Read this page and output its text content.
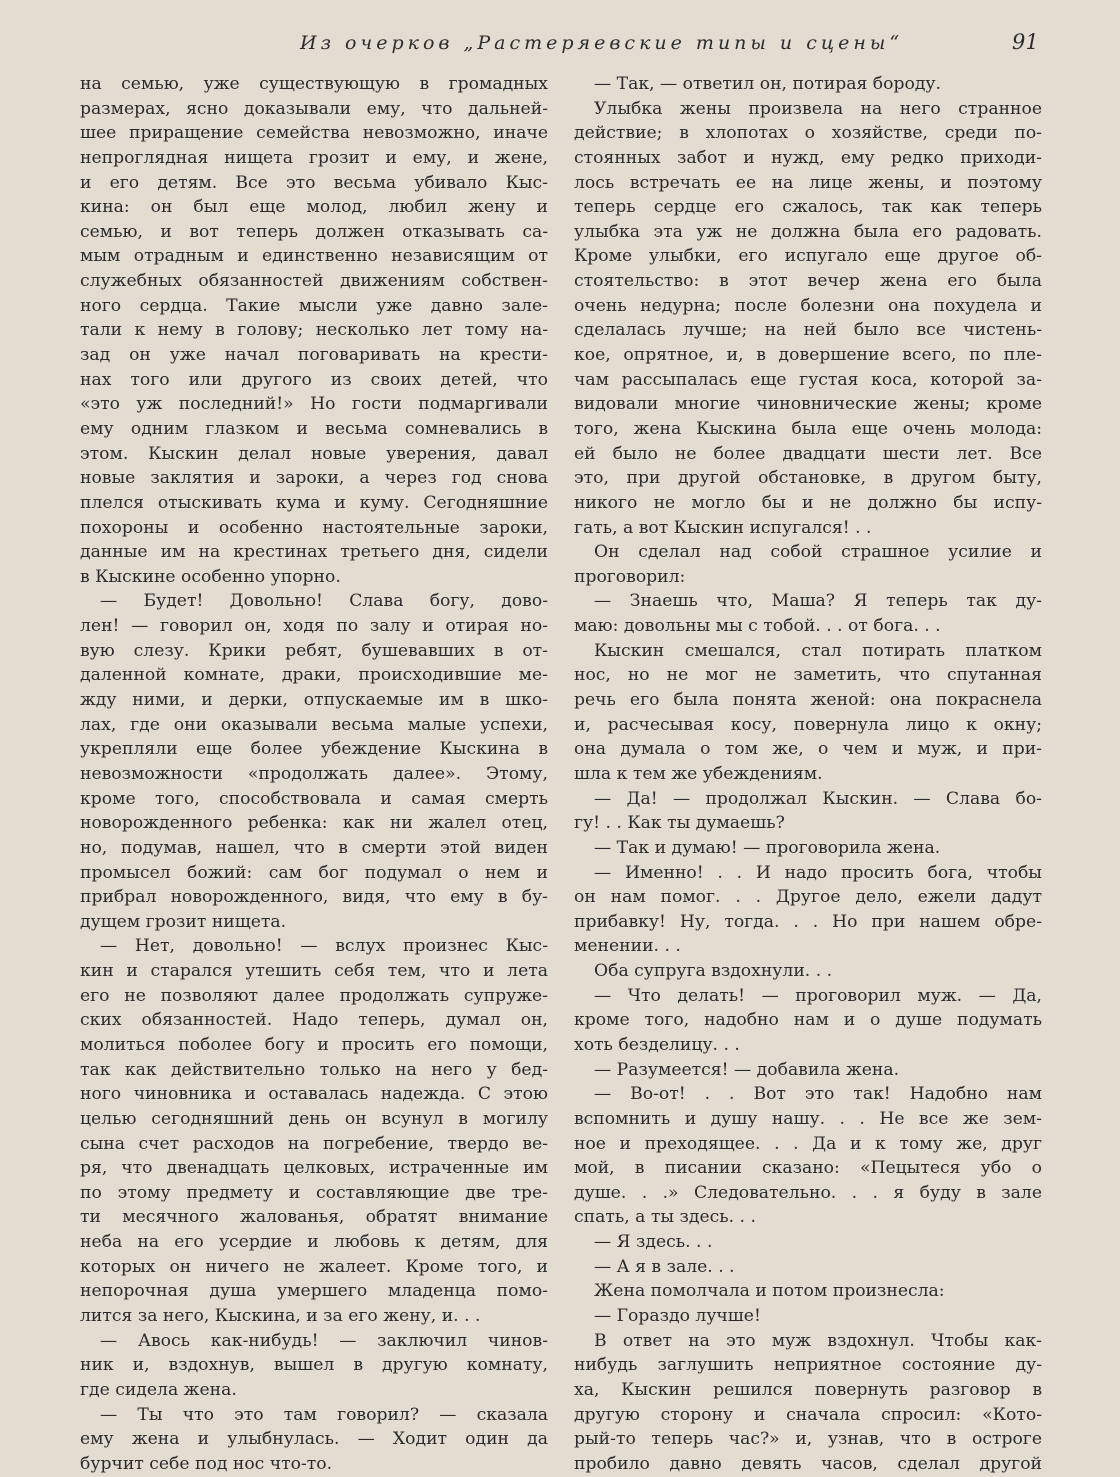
Из очерков „Растеряевские типы и сцены“	91
на семью, уже существующую в громадных
размерах, ясно доказывали ему, что дальней-
шее приращение семейства невозможно, иначе
непроглядная нищета грозит и ему, и жене,
и его детям. Все это весьма убивало Кыс-
кина: он был еще молод, любил жену и
семью, и вот теперь должен отказывать са-
мым отрадным и единственно независящим от
служебных обязанностей движениям собствен-
ного сердца. Такие мысли уже давно зале-
тали к нему в голову; несколько лет тому на-
зад он уже начал поговаривать на крести-
нах того или другого из своих детей, что
«это уж последний!» Но гости подмаргивали
ему одним глазком и весьма сомневались в
этом. Кыскин делал новые уверения, давал
новые заклятия и зароки, а через год снова
плелся отыскивать кума и куму. Сегодняшние
похороны и особенно настоятельные зароки,
данные им на крестинах третьего дня, сидели
в Кыскине особенно упорно.
— Будет! Довольно! Слава богу, дово-
лен! — говорил он, ходя по залу и отирая но-
вую слезу. Крики ребят, бушевавших в от-
даленной комнате, драки, происходившие ме-
жду ними, и дерки, отпускаемые им в шко-
лах, где они оказывали весьма малые успехи,
укрепляли еще более убеждение Кыскина в
невозможности «продолжать далее». Этому,
кроме того, способствовала и самая смерть
новорожденного ребенка: как ни жалел отец,
но, подумав, нашел, что в смерти этой виден
промысел божий: сам бог подумал о нем и
прибрал новорожденного, видя, что ему в бу-
дущем грозит нищета.
— Нет, довольно! — вслух произнес Кыс-
кин и старался утешить себя тем, что и лета
его не позволяют далее продолжать супруже-
ских обязанностей. Надо теперь, думал он,
молиться поболее богу и просить его помощи,
так как действительно только на него у бед-
ного чиновника и оставалась надежда. С этою
целью сегодняшний день он всунул в могилу
сына счет расходов на погребение, твердо ве-
ря, что двенадцать целковых, истраченные им
по этому предмету и составляющие две тре-
ти месячного жалованья, обратят внимание
неба на его усердие и любовь к детям, для
которых он ничего не жалеет. Кроме того, и
непорочная душа умершего младенца помо-
лится за него, Кыскина, и за его жену, и. . .
— Авось как-нибудь! — заключил чинов-
ник и, вздохнув, вышел в другую комнату,
где сидела жена.
— Ты что это там говорил? — сказала
ему жена и улыбнулась. — Ходит один да
бурчит себе под нос что-то.
— Так, — ответил он, потирая бороду.
Улыбка жены произвела на него странное
действие; в хлопотах о хозяйстве, среди по-
стоянных забот и нужд, ему редко приходи-
лось встречать ее на лице жены, и поэтому
теперь сердце его сжалось, так как теперь
улыбка эта уж не должна была его радовать.
Кроме улыбки, его испугало еще другое об-
стоятельство: в этот вечер жена его была
очень недурна; после болезни она похудела и
сделалась лучше; на ней было все чистень-
кое, опрятное, и, в довершение всего, по пле-
чам рассыпалась еще густая коса, которой за-
видовали многие чиновнические жены; кроме
того, жена Кыскина была еще очень молода:
ей было не более двадцати шести лет. Все
это, при другой обстановке, в другом быту,
никого не могло бы и не должно бы испу-
гать, а вот Кыскин испугался! . .
Он сделал над собой страшное усилие и
проговорил:
— Знаешь что, Маша? Я теперь так ду-
маю: довольны мы с тобой. . . от бога. . .
Кыскин смешался, стал потирать платком
нос, но не мог не заметить, что спутанная
речь его была понята женой: она покраснела
и, расчесывая косу, повернула лицо к окну;
она думала о том же, о чем и муж, и при-
шла к тем же убеждениям.
— Да! — продолжал Кыскин. — Слава бо-
гу! . . Как ты думаешь?
— Так и думаю! — проговорила жена.
— Именно! . . И надо просить бога, чтобы
он нам помог. . . Другое дело, ежели дадут
прибавку! Ну, тогда. . . Но при нашем обре-
менении. . .
Оба супруга вздохнули. . .
— Что делать! — проговорил муж. — Да,
кроме того, надобно нам и о душе подумать
хоть безделицу. . .
— Разумеется! — добавила жена.
— Во-от! . . Вот это так! Надобно нам
вспомнить и душу нашу. . . Не все же зем-
ное и преходящее. . . Да и к тому же, друг
мой, в писании сказано: «Пецытеся убо о
душе. . .» Следовательно. . . я буду в зале
спать, а ты здесь. . .
— Я здесь. . .
— А я в зале. . .
Жена помолчала и потом произнесла:
— Гораздо лучше!
В ответ на это муж вздохнул. Чтобы как-
нибудь заглушить неприятное состояние ду-
ха, Кыскин решился повернуть разговор в
другую сторону и сначала спросил: «Кото-
рый-то теперь час?» и, узнав, что в остроге
пробило давно девять часов, сделал другой
